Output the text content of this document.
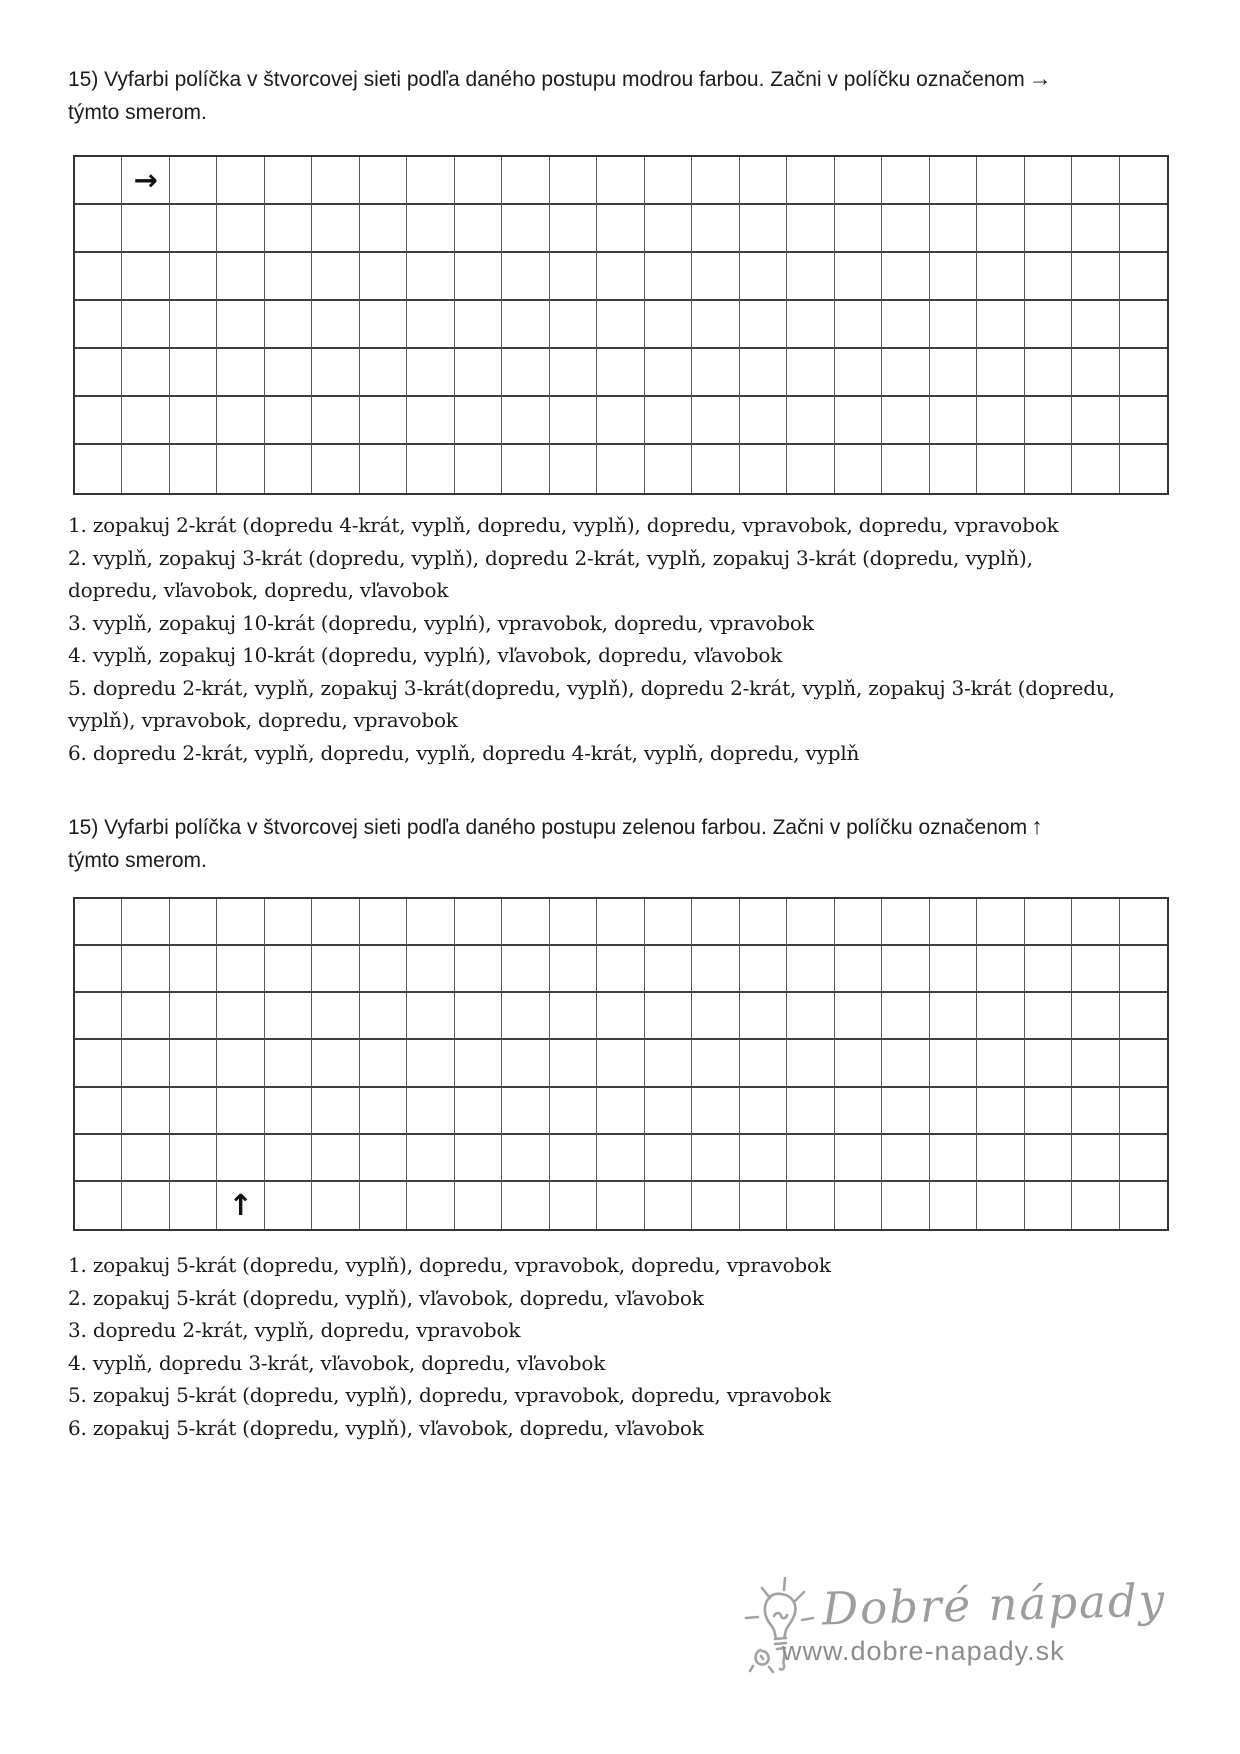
15) Vyfarbi políčka v štvorcovej sieti podľa daného postupu modrou farbou. Začni v políčku označenom →
týmto smerom.
→
1. zopakuj 2-krát (dopredu 4-krát, vyplň, dopredu, vyplň), dopredu, vpravobok, dopredu, vpravobok
2. vyplň, zopakuj 3-krát (dopredu, vyplň), dopredu 2-krát, vyplň, zopakuj 3-krát (dopredu, vyplň), dopredu, vľavobok, dopredu, vľavobok
3. vyplň, zopakuj 10-krát (dopredu, vyplń), vpravobok, dopredu, vpravobok
4. vyplň, zopakuj 10-krát (dopredu, vyplń), vľavobok, dopredu, vľavobok
5. dopredu 2-krát, vyplň, zopakuj 3-krát(dopredu, vyplň), dopredu 2-krát, vyplň, zopakuj 3-krát (dopredu, vyplň), vpravobok, dopredu, vpravobok
6. dopredu 2-krát, vyplň, dopredu, vyplň, dopredu 4-krát, vyplň, dopredu, vyplň
15) Vyfarbi políčka v štvorcovej sieti podľa daného postupu zelenou farbou. Začni v políčku označenom ↑
týmto smerom.
↑
1. zopakuj 5-krát (dopredu, vyplň), dopredu, vpravobok, dopredu, vpravobok
2. zopakuj 5-krát (dopredu, vyplň), vľavobok, dopredu, vľavobok
3. dopredu 2-krát, vyplň, dopredu, vpravobok
4. vyplň, dopredu 3-krát, vľavobok, dopredu, vľavobok
5. zopakuj 5-krát (dopredu, vyplň), dopredu, vpravobok, dopredu, vpravobok
6. zopakuj 5-krát (dopredu, vyplň), vľavobok, dopredu, vľavobok
Dobré nápady
www.dobre-napady.sk
